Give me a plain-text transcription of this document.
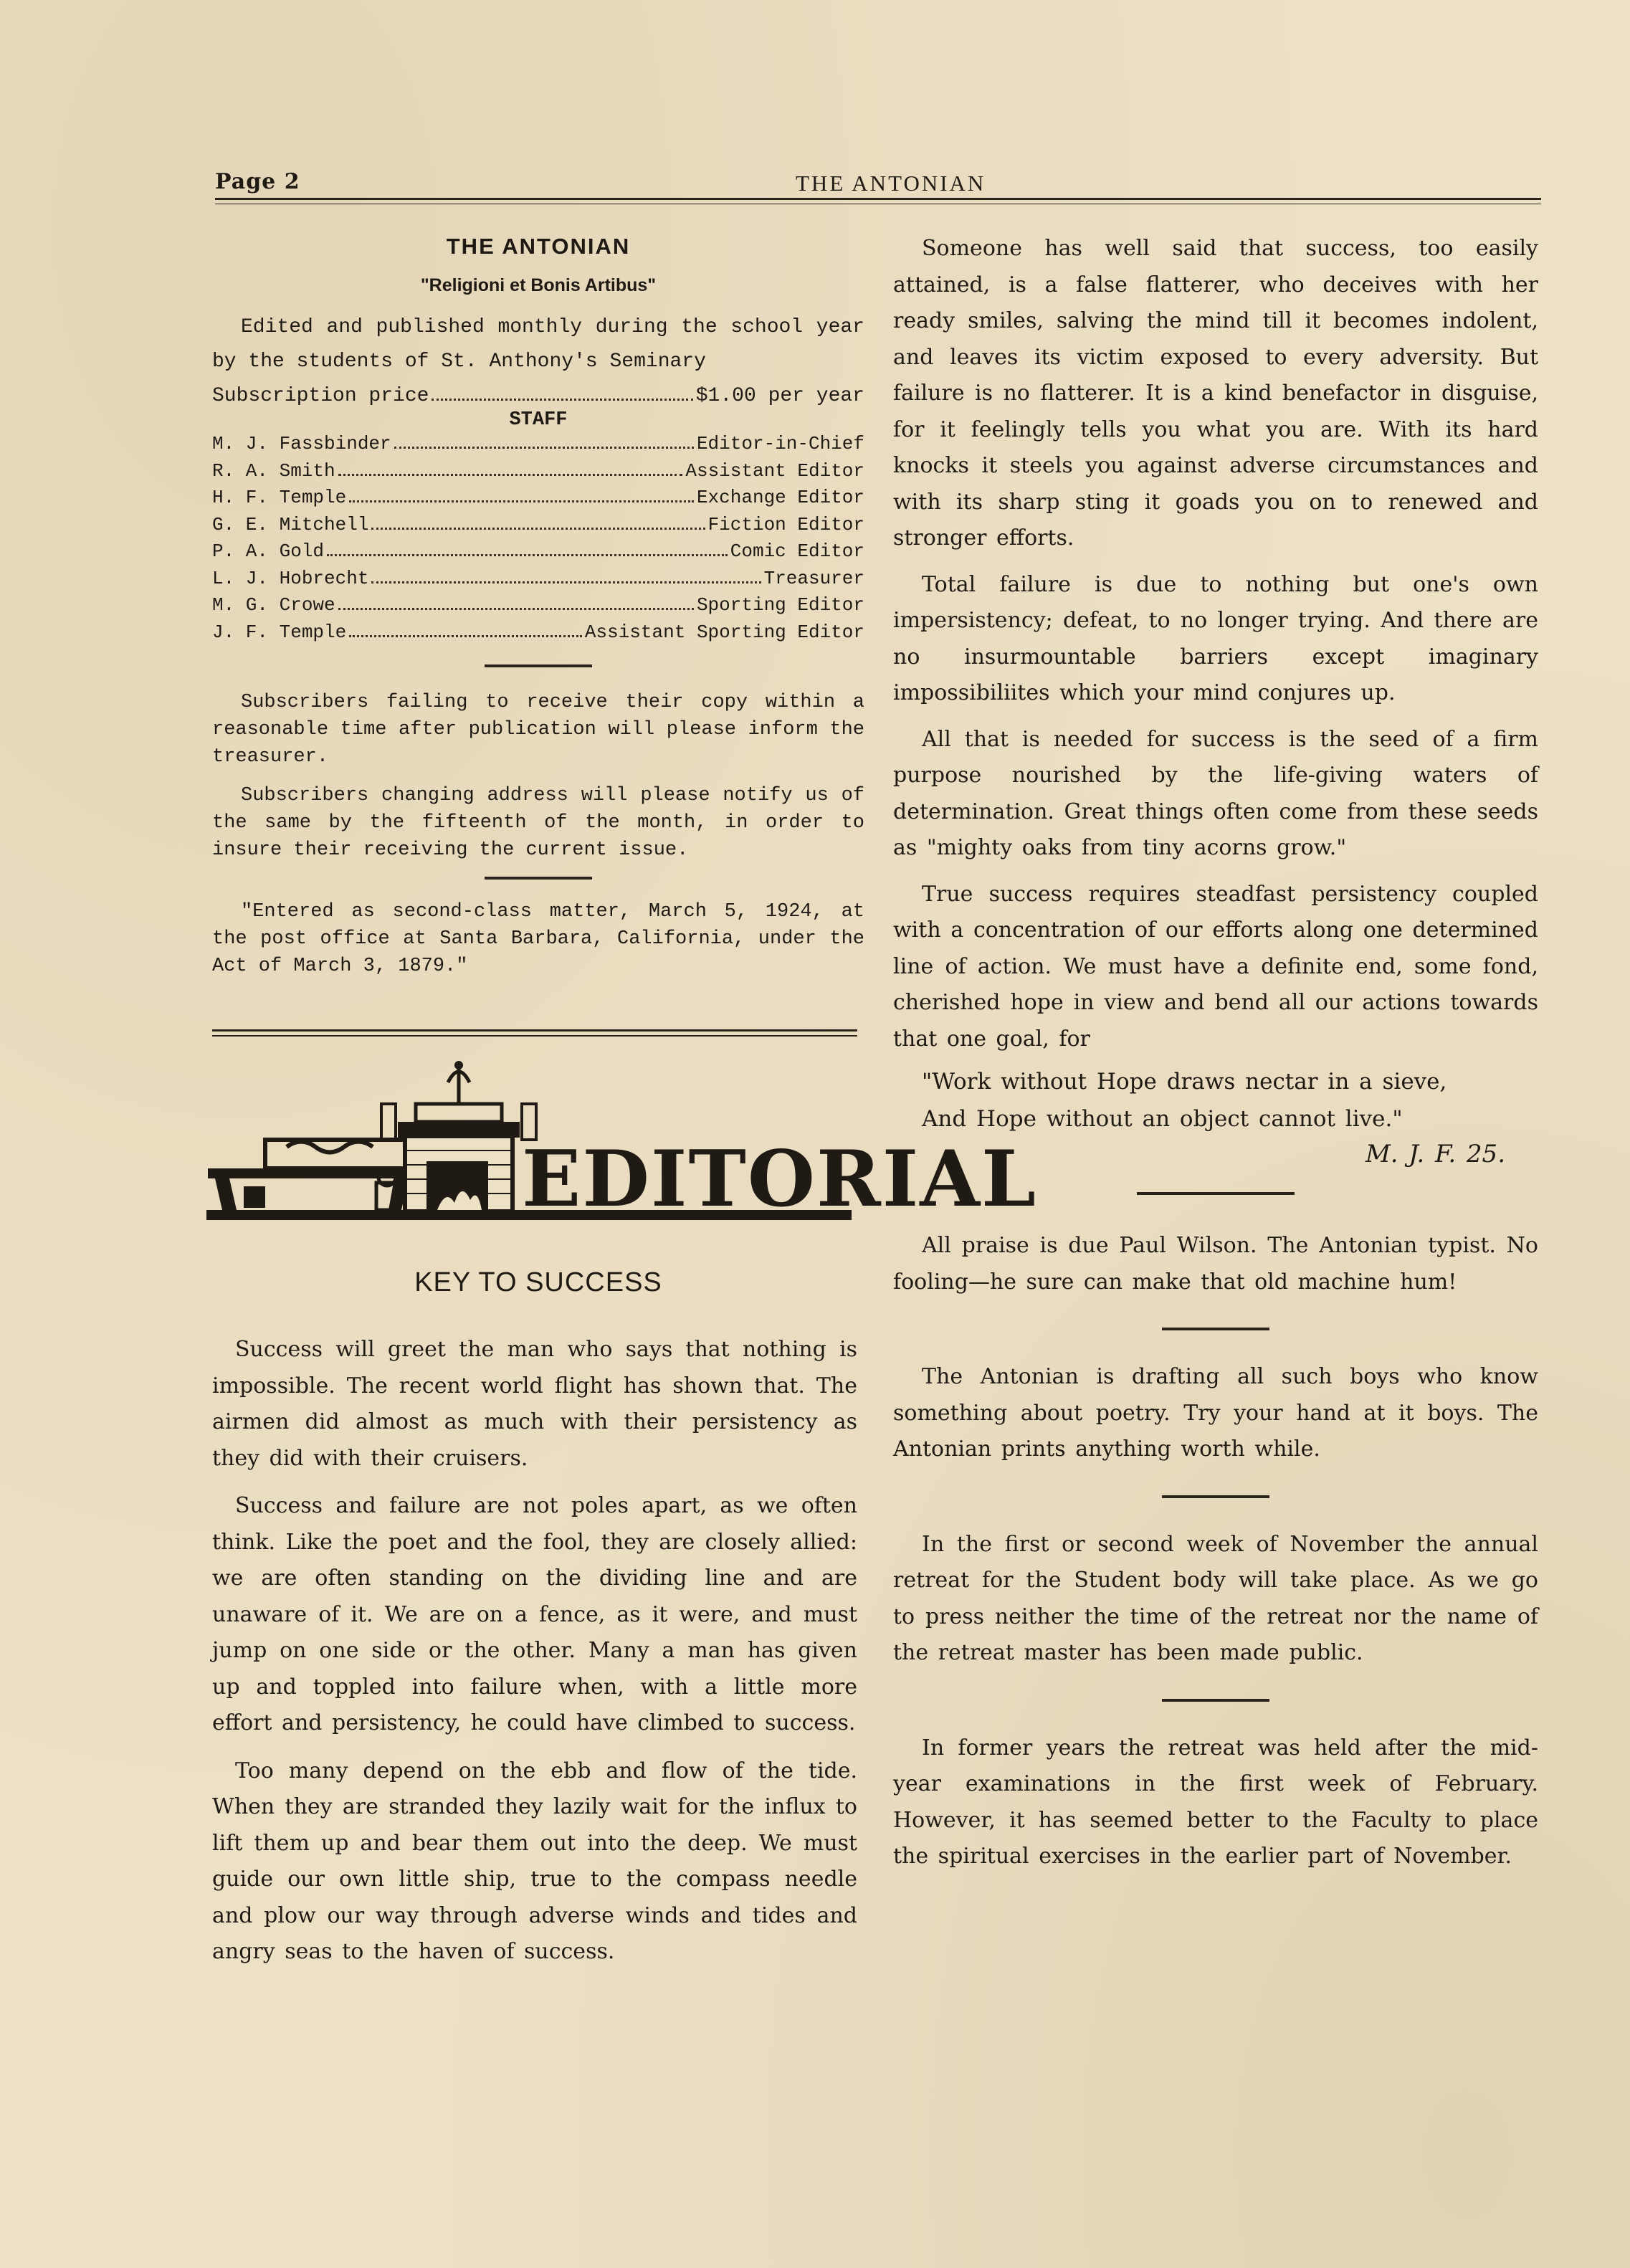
Page 2	THE ANTONIAN
THE ANTONIAN
"Religioni et Bonis Artibus"
Edited and published monthly during the school year by the students of St. Anthony's Seminary
Subscription price	$1.00 per year
STAFF
M. J. Fassbinder	Editor-in-Chief
R. A. Smith	Assistant Editor
H. F. Temple	Exchange Editor
G. E. Mitchell	Fiction Editor
P. A. Gold	Comic Editor
L. J. Hobrecht	Treasurer
M. G. Crowe	Sporting Editor
J. F. Temple	Assistant Sporting Editor

Subscribers failing to receive their copy within a reasonable time after publication will please inform the treasurer.

Subscribers changing address will please notify us of the same by the fifteenth of the month, in order to insure their receiving the current issue.

"Entered as second-class matter, March 5, 1924, at the post office at Santa Barbara, California, under the Act of March 3, 1879."
EDITORIAL
KEY TO SUCCESS

Success will greet the man who says that nothing is impossible. The recent world flight has shown that. The airmen did almost as much with their persistency as they did with their cruisers.

Success and failure are not poles apart, as we often think. Like the poet and the fool, they are closely allied: we are often standing on the dividing line and are unaware of it. We are on a fence, as it were, and must jump on one side or the other. Many a man has given up and toppled into failure when, with a little more effort and persistency, he could have climbed to success.

Too many depend on the ebb and flow of the tide. When they are stranded they lazily wait for the influx to lift them up and bear them out into the deep. We must guide our own little ship, true to the compass needle and plow our way through adverse winds and tides and angry seas to the haven of success.

Someone has well said that success, too easily attained, is a false flatterer, who deceives with her ready smiles, salving the mind till it becomes indolent, and leaves its victim exposed to every adversity. But failure is no flatterer. It is a kind benefactor in disguise, for it feelingly tells you what you are. With its hard knocks it steels you against adverse circumstances and with its sharp sting it goads you on to renewed and stronger efforts.

Total failure is due to nothing but one's own impersistency; defeat, to no longer trying. And there are no insurmountable barriers except imaginary impossibiliites which your mind conjures up.

All that is needed for success is the seed of a firm purpose nourished by the life-giving waters of determination. Great things often come from these seeds as "mighty oaks from tiny acorns grow."

True success requires steadfast persistency coupled with a concentration of our efforts along one determined line of action. We must have a definite end, some fond, cherished hope in view and bend all our actions towards that one goal, for

"Work without Hope draws nectar in a sieve,
And Hope without an object cannot live."
M. J. F. 25.

All praise is due Paul Wilson. The Antonian typist. No fooling—he sure can make that old machine hum!

The Antonian is drafting all such boys who know something about poetry. Try your hand at it boys. The Antonian prints anything worth while.

In the first or second week of November the annual retreat for the Student body will take place. As we go to press neither the time of the retreat nor the name of the retreat master has been made public.

In former years the retreat was held after the mid-year examinations in the first week of February. However, it has seemed better to the Faculty to place the spiritual exercises in the earlier part of November.
